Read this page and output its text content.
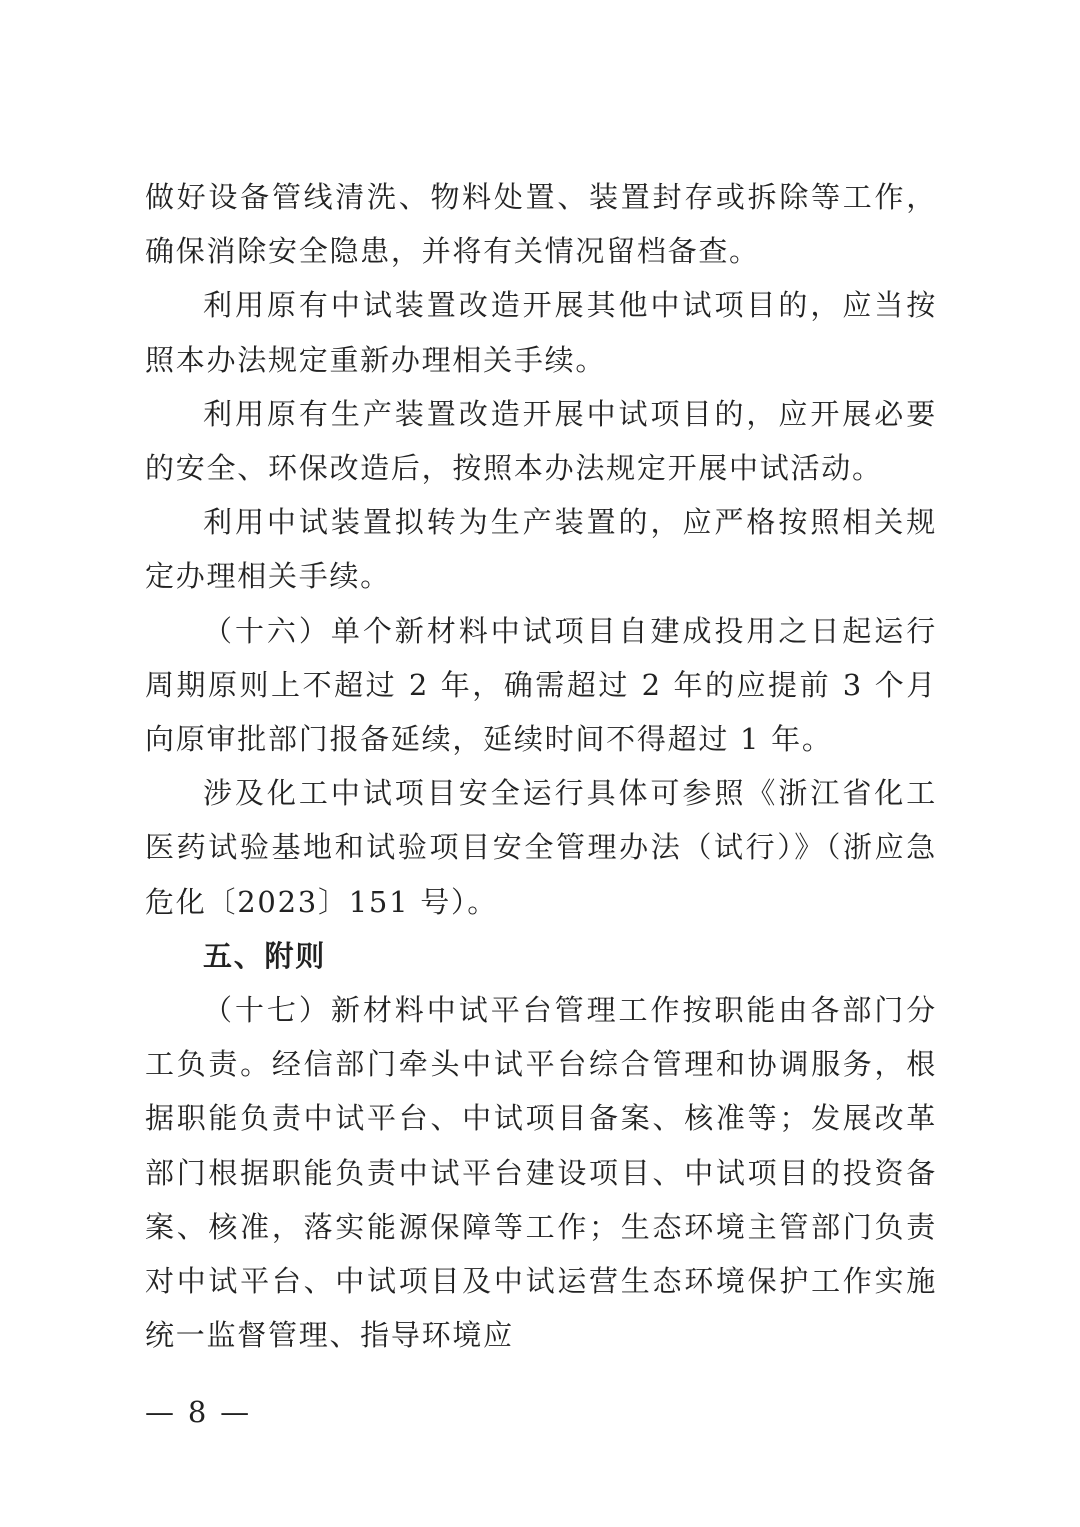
做好设备管线清洗、物料处置、装置封存或拆除等工作，确保消除安全隐患，并将有关情况留档备查。

利用原有中试装置改造开展其他中试项目的，应当按照本办法规定重新办理相关手续。

利用原有生产装置改造开展中试项目的，应开展必要的安全、环保改造后，按照本办法规定开展中试活动。

利用中试装置拟转为生产装置的，应严格按照相关规定办理相关手续。

（十六）单个新材料中试项目自建成投用之日起运行周期原则上不超过 2 年，确需超过 2 年的应提前 3 个月向原审批部门报备延续，延续时间不得超过 1 年。

涉及化工中试项目安全运行具体可参照《浙江省化工医药试验基地和试验项目安全管理办法（试行）》（浙应急危化〔2023〕151 号）。

五、附则

（十七）新材料中试平台管理工作按职能由各部门分工负责。经信部门牵头中试平台综合管理和协调服务，根据职能负责中试平台、中试项目备案、核准等；发展改革部门根据职能负责中试平台建设项目、中试项目的投资备案、核准，落实能源保障等工作；生态环境主管部门负责对中试平台、中试项目及中试运营生态环境保护工作实施统一监督管理、指导环境应

— 8 —
